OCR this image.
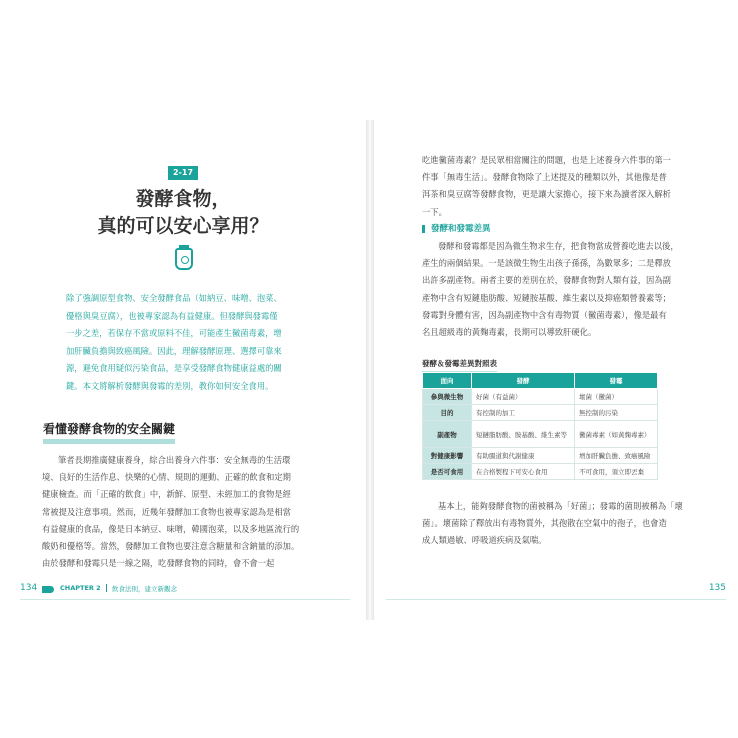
2-17
發酵食物，
真的可以安心享用？
除了強調原型食物、安全發酵食品（如納豆、味噌、泡菜、
優格與臭豆腐），也被專家認為有益健康。但發酵與發霉僅
一步之差，若保存不當或原料不佳，可能產生黴菌毒素，增
加肝臟負擔與致癌風險。因此，理解發酵原理、選擇可靠來
源，避免食用疑似污染食品，是享受發酵食物健康益處的關
鍵。本文將解析發酵與發霉的差別，教你如何安全食用。
看懂發酵食物的安全關鍵
筆者長期推廣健康養身，綜合出養身六件事：安全無毒的生活環
境、良好的生活作息、快樂的心情、規則的運動、正確的飲食和定期
健康檢查。而「正確的飲食」中，新鮮、原型、未經加工的食物是經
常被提及注意事項。然而，近幾年發酵加工食物也被專家認為是相當
有益健康的食品，像是日本納豆、味噌，韓國泡菜，以及多地區流行的
酸奶和優格等。當然，發酵加工食物也要注意含糖量和含鈉量的添加。
由於發酵和發霉只是一線之隔，吃發酵食物的同時，會不會一起
134	CHAPTER 2 飲食法則，建立新觀念
吃進黴菌毒素？是民眾相當關注的問題，也是上述養身六件事的第一
件事「無毒生活」。發酵食物除了上述提及的種類以外，其他像是普
洱茶和臭豆腐等發酵食物，更是讓大家擔心，接下來為讀者深入解析
一下。
發酵和發霉差異
發酵和發霉都是因為微生物求生存，把食物當成營養吃進去以後，
產生的兩個結果。一是該微生物生出孩子孫孫，為數眾多；二是釋放
出許多副產物。兩者主要的差別在於，發酵食物對人類有益，因為副
產物中含有短鏈脂肪酸、短鏈胺基酸、維生素以及抑癌類營養素等；
發霉對身體有害，因為副產物中含有毒物質（黴菌毒素），像是最有
名且超級毒的黃麴毒素，長期可以導致肝硬化。
發酵＆發霉差異對照表
面向	發酵	發霉
參與微生物	好菌（有益菌）	壞菌（黴菌）
目的	有控制的加工	無控制的污染
副產物	短鏈脂肪酸、胺基酸、維生素等	黴菌毒素（如黃麴毒素）
對健康影響	有助腸道與代謝健康	增加肝臟負擔、致癌風險
是否可食用	在合格製程下可安心食用	不可食用，須立即丟棄
基本上，能夠發酵食物的菌被稱為「好菌」；發霉的菌則被稱為「壞
菌」。壞菌除了釋放出有毒物質外，其孢散在空氣中的孢子，也會造
成人類過敏、呼吸道疾病及氣喘。
135
